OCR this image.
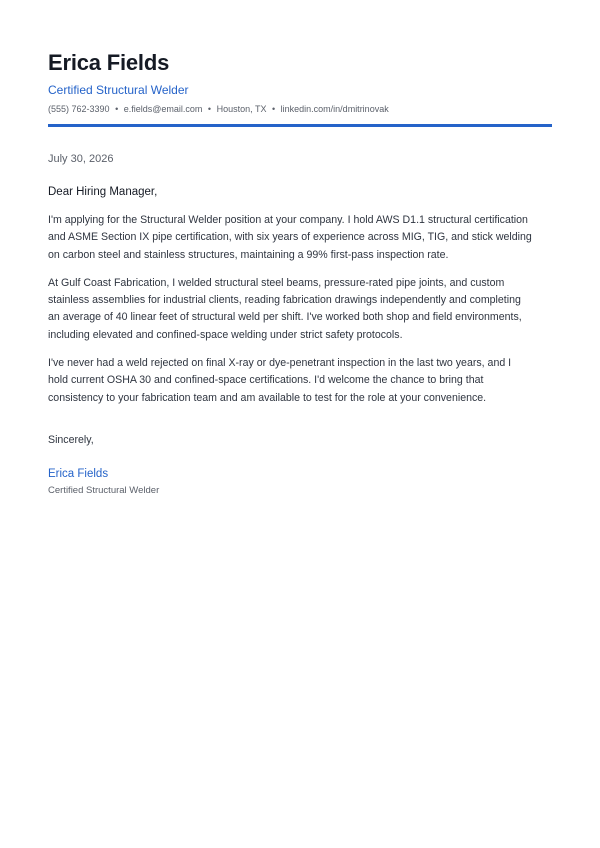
Erica Fields
Certified Structural Welder
(555) 762-3390 • e.fields@email.com • Houston, TX • linkedin.com/in/dmitrinovak
July 30, 2026
Dear Hiring Manager,

I'm applying for the Structural Welder position at your company. I hold AWS D1.1 structural certification
and ASME Section IX pipe certification, with six years of experience across MIG, TIG, and stick welding
on carbon steel and stainless structures, maintaining a 99% first-pass inspection rate.

At Gulf Coast Fabrication, I welded structural steel beams, pressure-rated pipe joints, and custom
stainless assemblies for industrial clients, reading fabrication drawings independently and completing
an average of 40 linear feet of structural weld per shift. I've worked both shop and field environments,
including elevated and confined-space welding under strict safety protocols.

I've never had a weld rejected on final X-ray or dye-penetrant inspection in the last two years, and I
hold current OSHA 30 and confined-space certifications. I'd welcome the chance to bring that
consistency to your fabrication team and am available to test for the role at your convenience.

Sincerely,
Erica Fields
Certified Structural Welder
